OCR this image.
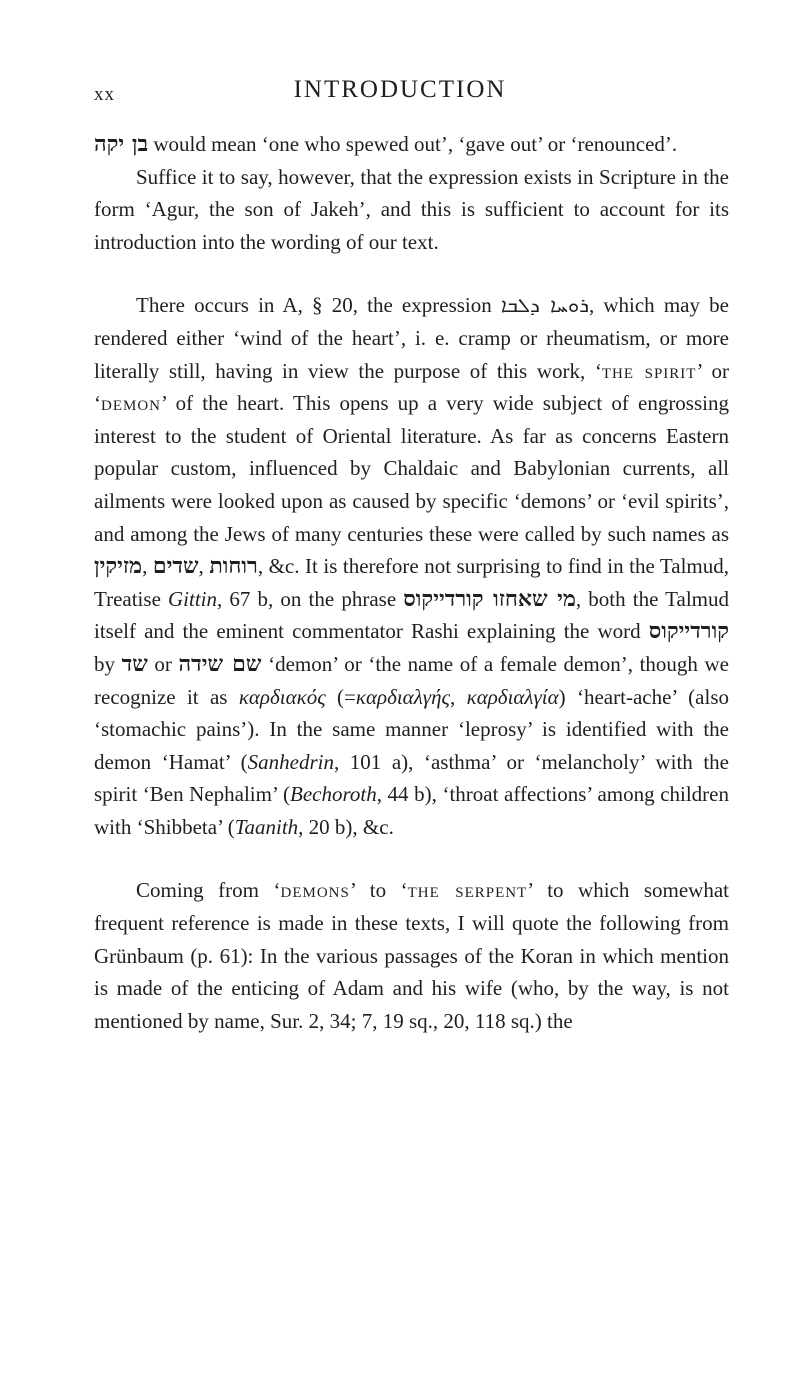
xx	INTRODUCTION

בן יקה would mean ‘one who spewed out’, ‘gave out’ or ‘renounced’.

Suffice it to say, however, that the expression exists in Scripture in the form ‘Agur, the son of Jakeh’, and this is sufficient to account for its introduction into the wording of our text.

There occurs in A, § 20, the expression ܪܘܚܐ ܕܠܒܐ, which may be rendered either ‘wind of the heart’, i. e. cramp or rheumatism, or more literally still, having in view the purpose of this work, ‘the spirit’ or ‘demon’ of the heart. This opens up a very wide subject of engrossing interest to the student of Oriental literature. As far as concerns Eastern popular custom, influenced by Chaldaic and Babylonian currents, all ailments were looked upon as caused by specific ‘demons’ or ‘evil spirits’, and among the Jews of many centuries these were called by such names as מזיקין, שדים, רוחות, &c. It is therefore not surprising to find in the Talmud, Treatise Gittin, 67 b, on the phrase מי שאחזו קורדייקוס, both the Talmud itself and the eminent commentator Rashi explaining the word קורדייקוס by שד or שם שידה ‘demon’ or ‘the name of a female demon’, though we recognize it as καρδιακός (=καρδιαλγής, καρδιαλγία) ‘heart-ache’ (also ‘stomachic pains’). In the same manner ‘leprosy’ is identified with the demon ‘Hamat’ (Sanhedrin, 101 a), ‘asthma’ or ‘melancholy’ with the spirit ‘Ben Nephalim’ (Bechoroth, 44 b), ‘throat affections’ among children with ‘Shibbeta’ (Taanith, 20 b), &c.

Coming from ‘demons’ to ‘the serpent’ to which somewhat frequent reference is made in these texts, I will quote the following from Grünbaum (p. 61): In the various passages of the Koran in which mention is made of the enticing of Adam and his wife (who, by the way, is not mentioned by name, Sur. 2, 34; 7, 19 sq., 20, 118 sq.) the
